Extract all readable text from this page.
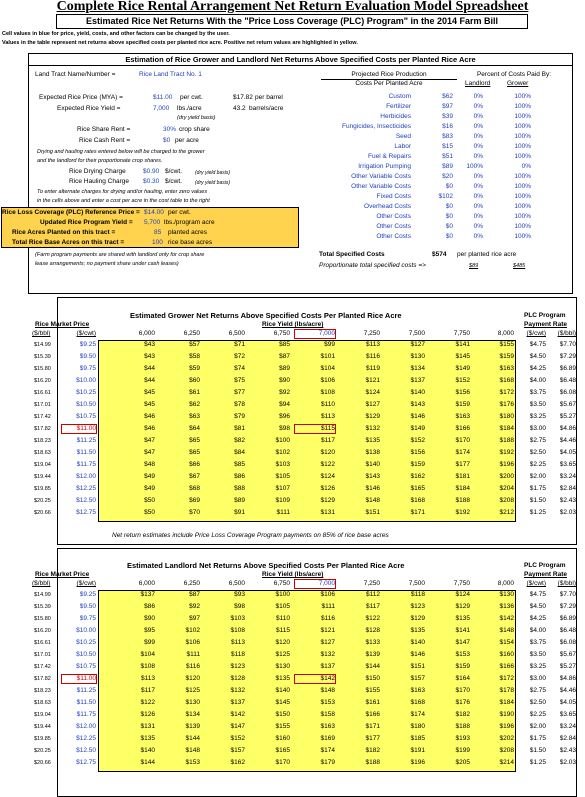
Complete Rice Rental Arrangement Net Return Evaluation Model Spreadsheet
Estimated Rice Net Returns With the "Price Loss Coverage (PLC) Program" in the 2014 Farm Bill
Cell values in blue for price, yield, costs, and other factors can be changed by the user.
Values in the table represent net returns above specified costs per planted rice acre. Positive net return values are highlighted in yellow.
Estimation of Rice Grower and Landlord Net Returns Above Specified Costs per Planted Rice Acre
Land Tract Name/Number =	Rice Land Tract No. 1
Expected Rice Price (MYA) =	$11.00 per cwt.	$17.82 per barrel
Expected Rice Yield =	7,000 lbs./acre	43.2 barrels/acre
(dry yield basis)
Rice Share Rent =	30% crop share
Rice Cash Rent =	$0 per acre
Drying and hauling rates entered below will be charged to the grower
and the landlord for their proportionate crop shares.
Rice Drying Charge	$0.90 $/cwt.	(dry yield basis)
Rice Hauling Charge $0.30 $/cwt.	(dry yield basis)
To enter alternate charges for drying and/or hauling, enter zero values
in the cells above and enter a cost per acre in the cost table to the right
Rice Loss Coverage (PLC) Reference Price = $14.00 per cwt.
Updated Rice Program Yield = 5,700 lbs./program acre
Rice Acres Planted on this tract =	85 planted acres
Total Rice Base Acres on this tract =	100 rice base acres
(Farm program payments are shared with landlord only for crop share
lease arrangements; no payment share under cash leases)
Projected Rice Production
Costs Per Planted Acre
Percent of Costs Paid By:
Landlord	Grower
Custom	$62	0%	100%
Fertilizer	$97	0%	100%
Herbicides	$39	0%	100%
Fungicides, Insecticides	$16	0%	100%
Seed	$83	0%	100%
Labor	$15	0%	100%
Fuel & Repairs	$51	0%	100%
Irrigation Pumping	$89	100%	0%
Other Variable Costs	$20	0%	100%
Other Variable Costs	$0	0%	100%
Fixed Costs	$102	0%	100%
Overhead Costs	$0	0%	100%
Other Costs	$0	0%	100%
Other Costs	$0	0%	100%
Other Costs	$0	0%	100%
Total Specified Costs	$574 per planted rice acre
Proportionate total specified costs =>	$89	$485
Estimated Grower Net Returns Above Specified Costs Per Planted Rice Acre
Rice Market Price	Rice Yield (lbs/acre)
PLC Program
Payment Rate
($/bbl)	($/cwt)	6,000	6,250	6,500	6,750	7,000	7,250	7,500	7,750	8,000	($/cwt)	($/bbl)
$14.99	$9.25	$43	$57	$71	$85	$99	$113	$127	$141	$155	$4.75	$7.70
$15.39	$9.50	$43	$58	$72	$87	$101	$116	$130	$145	$159	$4.50	$7.29
$15.80	$9.75	$44	$59	$74	$89	$104	$119	$134	$149	$163	$4.25	$6.89
$16.20	$10.00	$44	$60	$75	$90	$106	$121	$137	$152	$168	$4.00	$6.48
$16.61	$10.25	$45	$61	$77	$92	$108	$124	$140	$156	$172	$3.75	$6.08
$17.01	$10.50	$45	$62	$78	$94	$110	$127	$143	$159	$176	$3.50	$5.67
$17.42	$10.75	$46	$63	$79	$96	$113	$129	$146	$163	$180	$3.25	$5.27
$17.82	$11.00	$46	$64	$81	$98	$115	$132	$149	$166	$184	$3.00	$4.86
$18.23	$11.25	$47	$65	$82	$100	$117	$135	$152	$170	$188	$2.75	$4.46
$18.63	$11.50	$47	$65	$84	$102	$120	$138	$156	$174	$192	$2.50	$4.05
$19.04	$11.75	$48	$66	$85	$103	$122	$140	$159	$177	$196	$2.25	$3.65
$19.44	$12.00	$49	$67	$86	$105	$124	$143	$162	$181	$200	$2.00	$3.24
$19.85	$12.25	$49	$68	$88	$107	$126	$146	$165	$184	$204	$1.75	$2.84
$20.25	$12.50	$50	$69	$89	$109	$129	$148	$168	$188	$208	$1.50	$2.43
$20.66	$12.75	$50	$70	$91	$111	$131	$151	$171	$192	$212	$1.25	$2.03
Net return estimates include Price Loss Coverage Program payments on 85% of rice base acres
Estimated Landlord Net Returns Above Specified Costs Per Planted Rice Acre
Rice Market Price	Rice Yield (lbs/acre)
PLC Program
Payment Rate
($/bbl)	($/cwt)	6,000	6,250	6,500	6,750	7,000	7,250	7,500	7,750	8,000	($/cwt)	($/bbl)
$14.99	$9.25	$137	$87	$93	$100	$106	$112	$118	$124	$130	$4.75	$7.70
$15.39	$9.50	$86	$92	$98	$105	$111	$117	$123	$129	$136	$4.50	$7.29
$15.80	$9.75	$90	$97	$103	$110	$116	$122	$129	$135	$142	$4.25	$6.89
$16.20	$10.00	$95	$102	$108	$115	$121	$128	$135	$141	$148	$4.00	$6.48
$16.61	$10.25	$99	$106	$113	$120	$127	$133	$140	$147	$154	$3.75	$6.08
$17.01	$10.50	$104	$111	$118	$125	$132	$139	$146	$153	$160	$3.50	$5.67
$17.42	$10.75	$108	$116	$123	$130	$137	$144	$151	$159	$166	$3.25	$5.27
$17.82	$11.00	$113	$120	$128	$135	$142	$150	$157	$164	$172	$3.00	$4.86
$18.23	$11.25	$117	$125	$132	$140	$148	$155	$163	$170	$178	$2.75	$4.46
$18.63	$11.50	$122	$130	$137	$145	$153	$161	$168	$176	$184	$2.50	$4.05
$19.04	$11.75	$126	$134	$142	$150	$158	$166	$174	$182	$190	$2.25	$3.65
$19.44	$12.00	$131	$139	$147	$155	$163	$171	$180	$188	$196	$2.00	$3.24
$19.85	$12.25	$135	$144	$152	$160	$169	$177	$185	$193	$202	$1.75	$2.84
$20.25	$12.50	$140	$148	$157	$165	$174	$182	$191	$199	$208	$1.50	$2.43
$20.66	$12.75	$144	$153	$162	$170	$179	$188	$196	$205	$214	$1.25	$2.03
